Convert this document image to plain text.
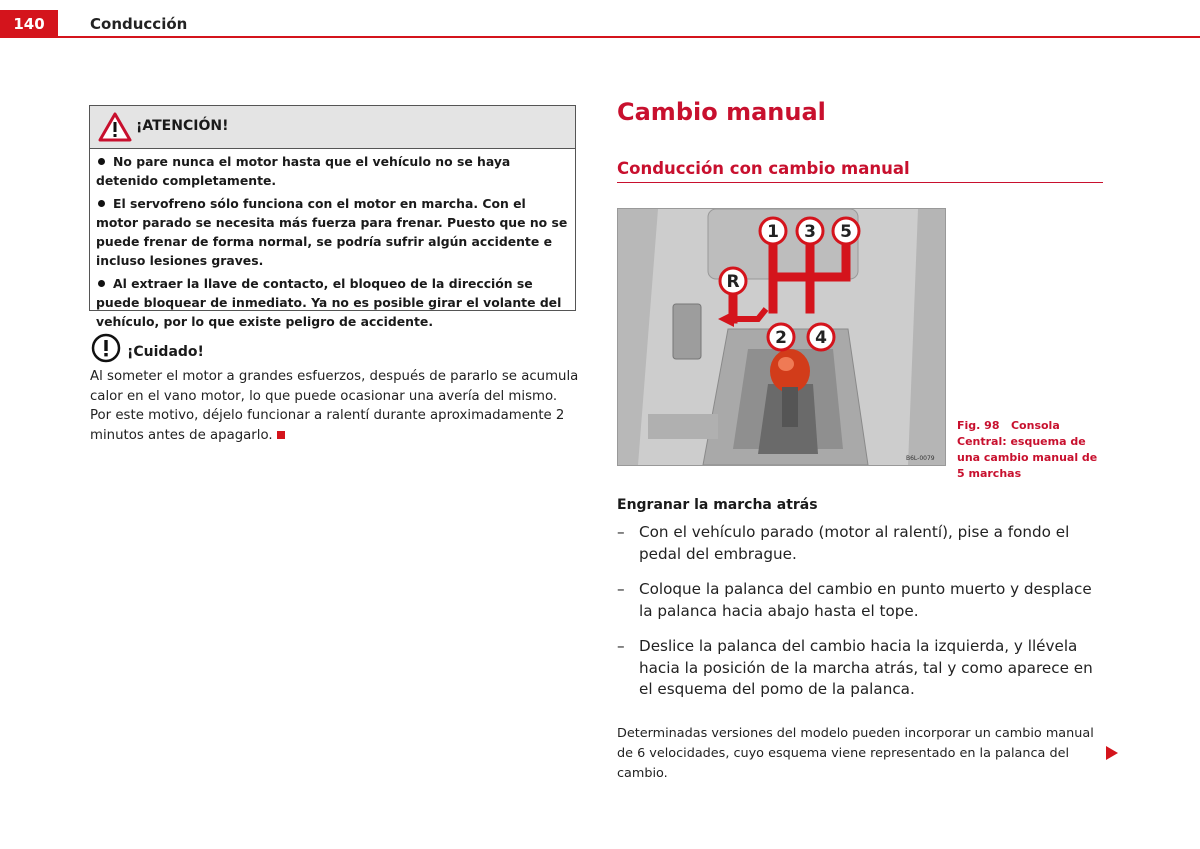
140	Conducción
¡ATENCIÓN!
No pare nunca el motor hasta que el vehículo no se haya detenido completamente.
El servofreno sólo funciona con el motor en marcha. Con el motor parado se necesita más fuerza para frenar. Puesto que no se puede frenar de forma normal, se podría sufrir algún accidente e incluso lesiones graves.
Al extraer la llave de contacto, el bloqueo de la dirección se puede bloquear de inmediato. Ya no es posible girar el volante del vehículo, por lo que existe peligro de accidente.
¡Cuidado!
Al someter el motor a grandes esfuerzos, después de pararlo se acumula calor en el vano motor, lo que puede ocasionar una avería del mismo. Por este motivo, déjelo funcionar a ralentí durante aproximadamente 2 minutos antes de apagarlo.
Cambio manual
Conducción con cambio manual
1 3 5
R
2 4
B6L-0079
Fig. 98 Consola Central: esquema de una cambio manual de 5 marchas
Engranar la marcha atrás
– Con el vehículo parado (motor al ralentí), pise a fondo el pedal del embrague.
– Coloque la palanca del cambio en punto muerto y desplace la palanca hacia abajo hasta el tope.
– Deslice la palanca del cambio hacia la izquierda, y llévela hacia la posición de la marcha atrás, tal y como aparece en el esquema del pomo de la palanca.
Determinadas versiones del modelo pueden incorporar un cambio manual de 6 velocidades, cuyo esquema viene representado en la palanca del cambio.
